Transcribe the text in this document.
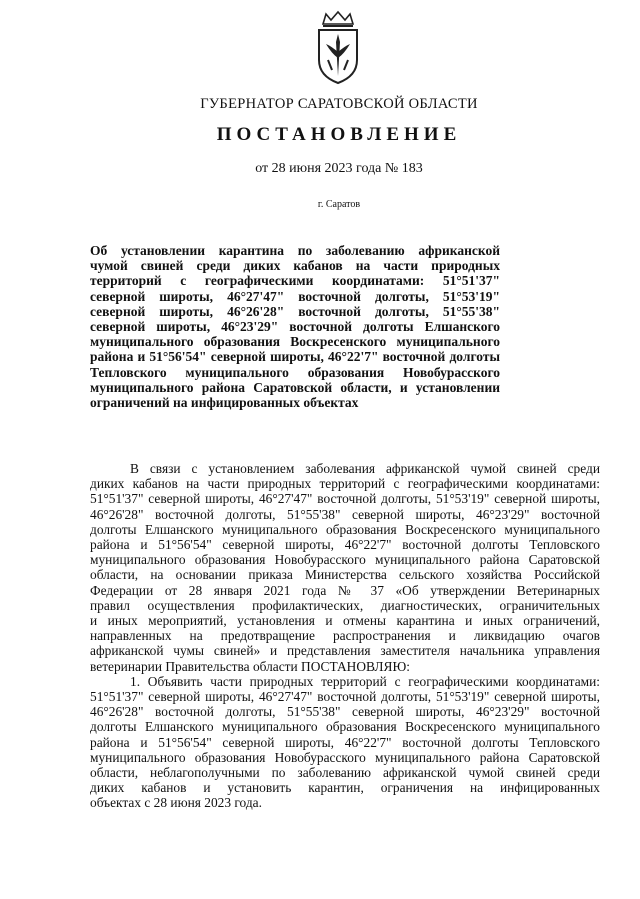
ГУБЕРНАТОР САРАТОВСКОЙ ОБЛАСТИ
ПОСТАНОВЛЕНИЕ
от 28 июня 2023 года № 183
г. Саратов
Об установлении карантина по заболеванию африканской
чумой свиней среди диких кабанов на части природных
территорий с географическими координатами: 51°51'37"
северной широты, 46°27'47" восточной долготы, 51°53'19"
северной широты, 46°26'28" восточной долготы, 51°55'38"
северной широты, 46°23'29" восточной долготы Елшанского
муниципального образования Воскресенского муниципального
района и 51°56'54" северной широты, 46°22'7" восточной долготы
Тепловского муниципального образования Новобурасского
муниципального района Саратовской области, и установлении
ограничений на инфицированных объектах
В связи с установлением заболевания африканской чумой свиней среди
диких кабанов на части природных территорий с географическими координатами:
51°51'37" северной широты, 46°27'47" восточной долготы, 51°53'19" северной широты,
46°26'28" восточной долготы, 51°55'38" северной широты, 46°23'29" восточной
долготы Елшанского муниципального образования Воскресенского муниципального
района и 51°56'54" северной широты, 46°22'7" восточной долготы Тепловского
муниципального образования Новобурасского муниципального района Саратовской
области, на основании приказа Министерства сельского хозяйства Российской
Федерации от 28 января 2021 года № 37 «Об утверждении Ветеринарных
правил осуществления профилактических, диагностических, ограничительных
и иных мероприятий, установления и отмены карантина и иных ограничений,
направленных на предотвращение распространения и ликвидацию очагов
африканской чумы свиней» и представления заместителя начальника управления
ветеринарии Правительства области ПОСТАНОВЛЯЮ:
1. Объявить части природных территорий с географическими координатами:
51°51'37" северной широты, 46°27'47" восточной долготы, 51°53'19" северной широты,
46°26'28" восточной долготы, 51°55'38" северной широты, 46°23'29" восточной
долготы Елшанского муниципального образования Воскресенского муниципального
района и 51°56'54" северной широты, 46°22'7" восточной долготы Тепловского
муниципального образования Новобурасского муниципального района Саратовской
области, неблагополучными по заболеванию африканской чумой свиней среди
диких кабанов и установить карантин, ограничения на инфицированных
объектах с 28 июня 2023 года.
